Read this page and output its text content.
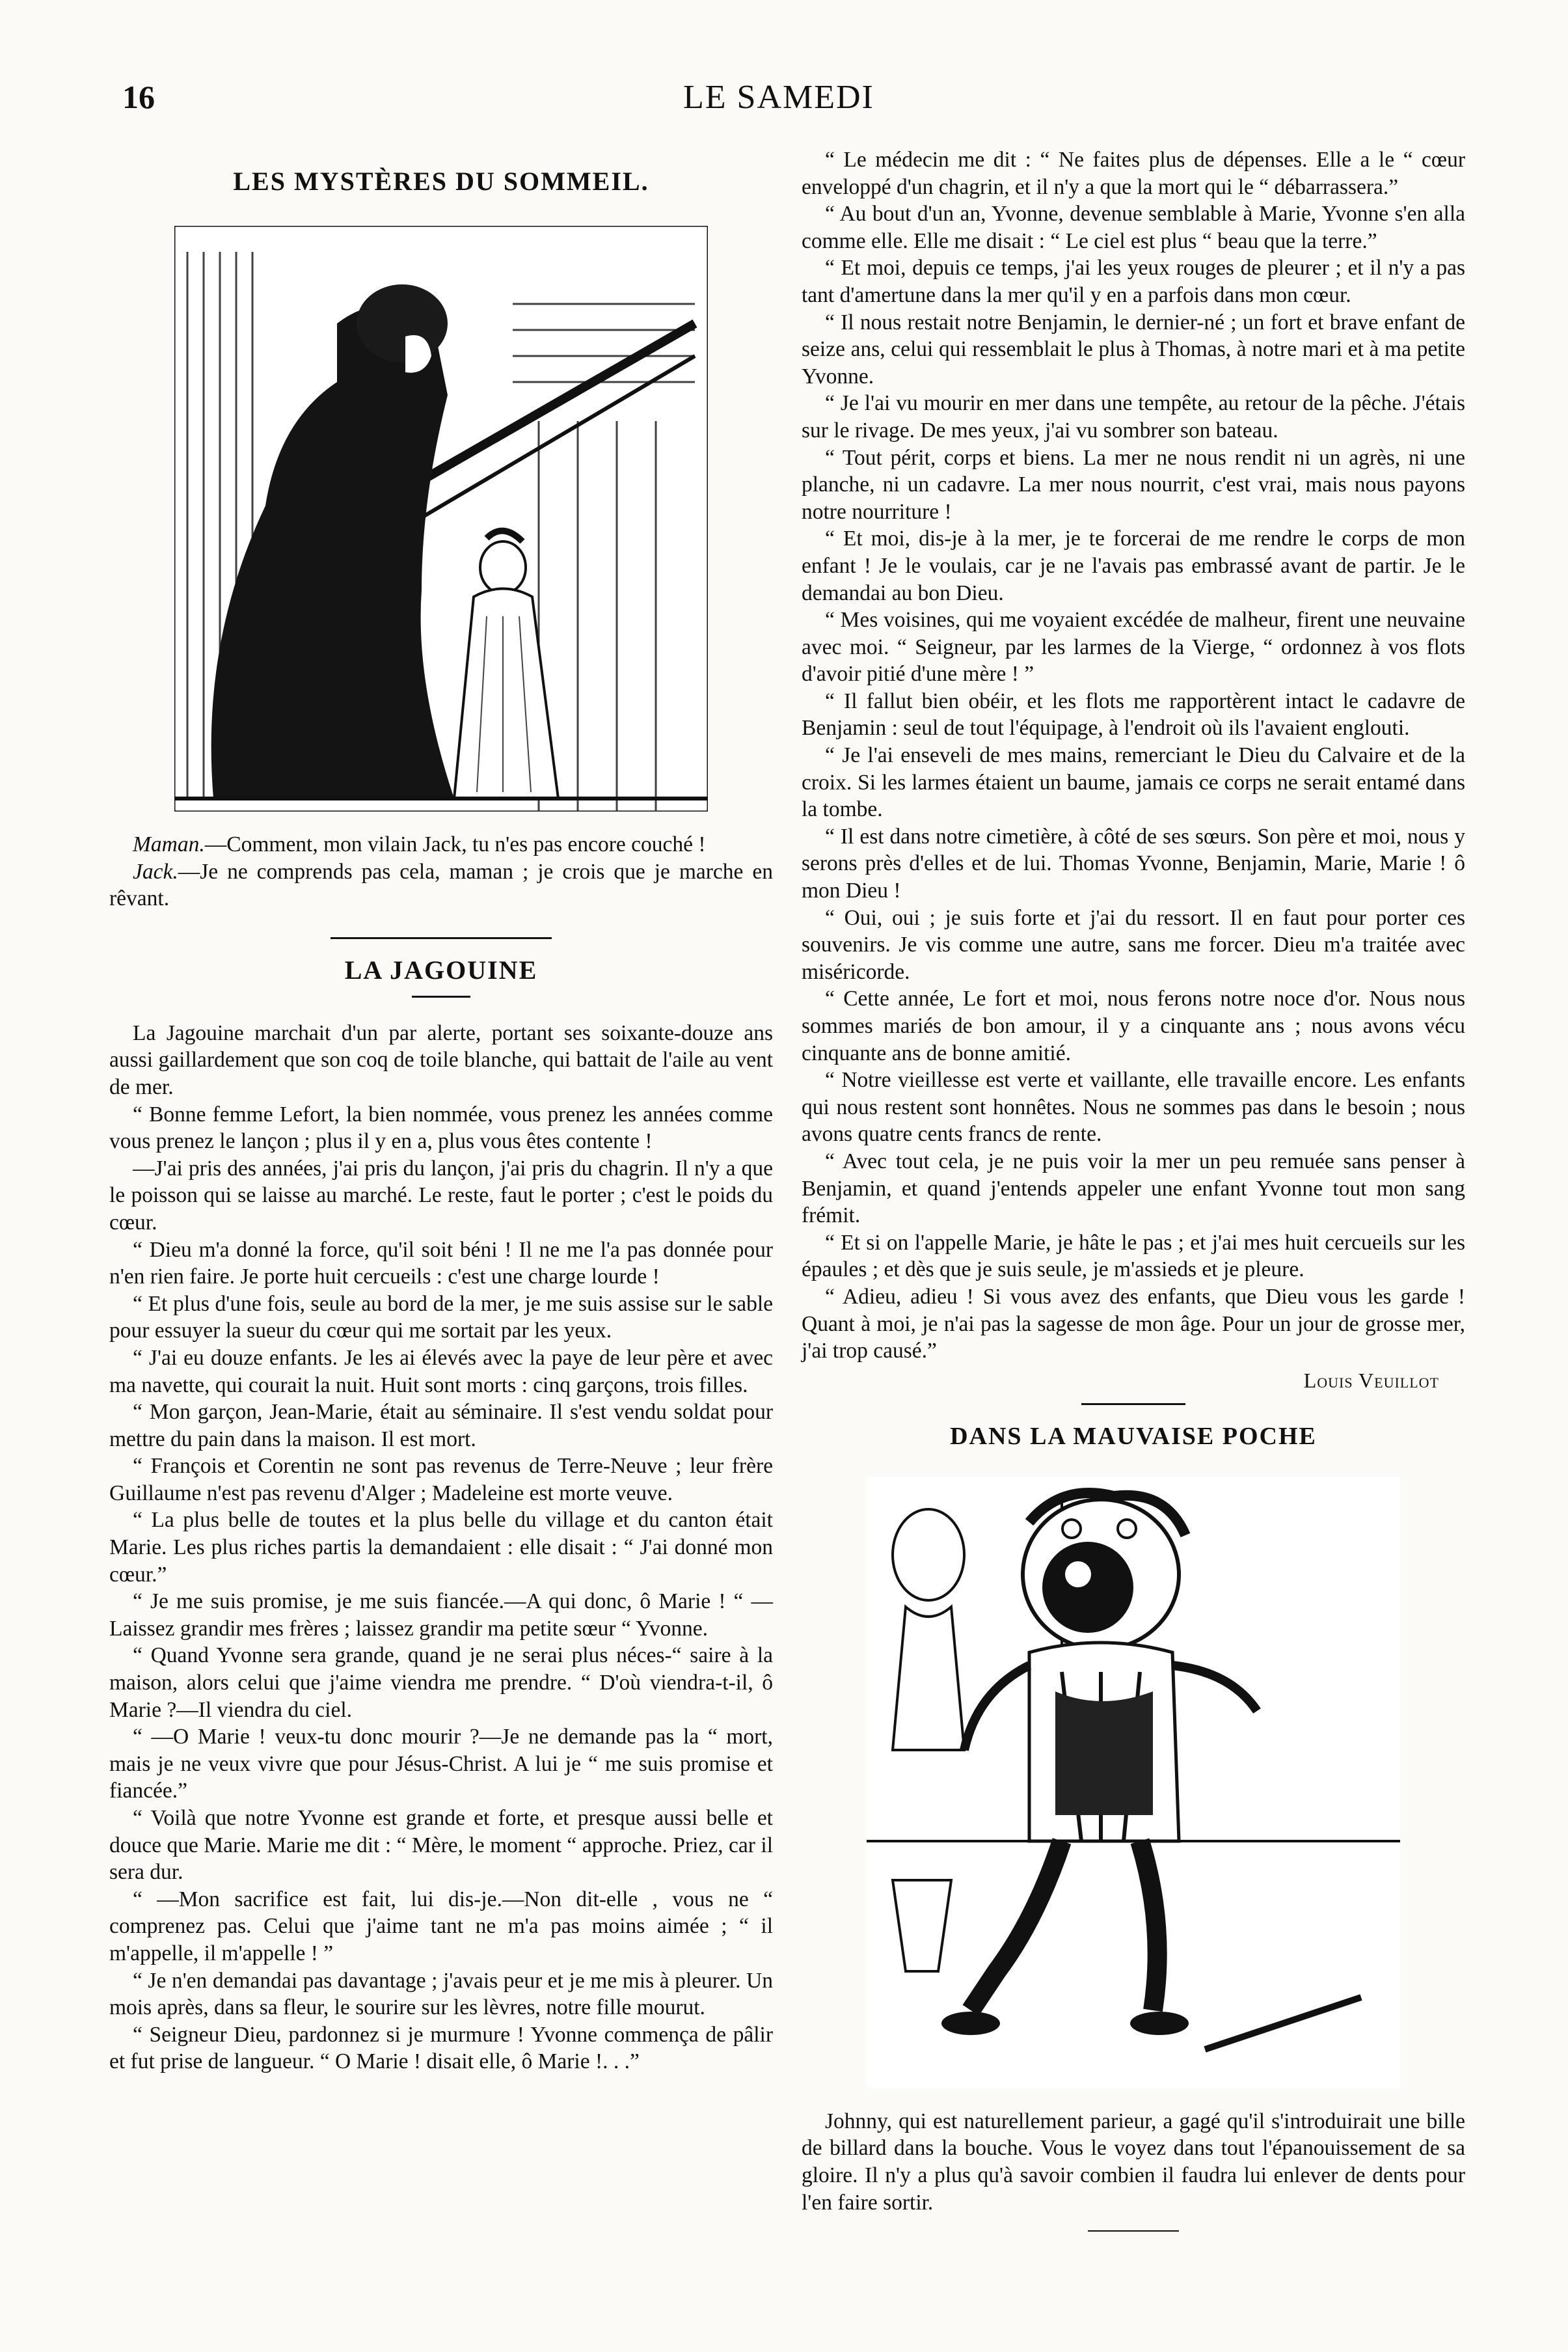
16	LE SAMEDI
LES MYSTÈRES DU SOMMEIL.

Maman.—Comment, mon vilain Jack, tu n'es pas encore couché !

Jack.—Je ne comprends pas cela, maman ; je crois que je marche en rêvant.

LA JAGOUINE

La Jagouine marchait d'un par alerte, portant ses soixante-douze ans aussi gaillardement que son coq de toile blanche, qui battait de l'aile au vent de mer.

“ Bonne femme Lefort, la bien nommée, vous prenez les années comme vous prenez le lançon ; plus il y en a, plus vous êtes contente !

—J'ai pris des années, j'ai pris du lançon, j'ai pris du chagrin. Il n'y a que le poisson qui se laisse au marché. Le reste, faut le porter ; c'est le poids du cœur.

“ Dieu m'a donné la force, qu'il soit béni ! Il ne me l'a pas donnée pour n'en rien faire. Je porte huit cercueils : c'est une charge lourde !

“ Et plus d'une fois, seule au bord de la mer, je me suis assise sur le sable pour essuyer la sueur du cœur qui me sortait par les yeux.

“ J'ai eu douze enfants. Je les ai élevés avec la paye de leur père et avec ma navette, qui courait la nuit. Huit sont morts : cinq garçons, trois filles.

“ Mon garçon, Jean-Marie, était au séminaire. Il s'est vendu soldat pour mettre du pain dans la maison. Il est mort.

“ François et Corentin ne sont pas revenus de Terre-Neuve ; leur frère Guillaume n'est pas revenu d'Alger ; Madeleine est morte veuve.

“ La plus belle de toutes et la plus belle du village et du canton était Marie. Les plus riches partis la demandaient : elle disait : “ J'ai donné mon cœur.”

“ Je me suis promise, je me suis fiancée.—A qui donc, ô Marie ! “ —Laissez grandir mes frères ; laissez grandir ma petite sœur “ Yvonne.

“ Quand Yvonne sera grande, quand je ne serai plus néces-“ saire à la maison, alors celui que j'aime viendra me prendre. “ D'où viendra-t-il, ô Marie ?—Il viendra du ciel.

“ —O Marie ! veux-tu donc mourir ?—Je ne demande pas la “ mort, mais je ne veux vivre que pour Jésus-Christ. A lui je “ me suis promise et fiancée.”

“ Voilà que notre Yvonne est grande et forte, et presque aussi belle et douce que Marie. Marie me dit : “ Mère, le moment “ approche. Priez, car il sera dur.

“ —Mon sacrifice est fait, lui dis-je.—Non dit-elle , vous ne “ comprenez pas. Celui que j'aime tant ne m'a pas moins aimée ; “ il m'appelle, il m'appelle ! ”

“ Je n'en demandai pas davantage ; j'avais peur et je me mis à pleurer. Un mois après, dans sa fleur, le sourire sur les lèvres, notre fille mourut.

“ Seigneur Dieu, pardonnez si je murmure ! Yvonne commença de pâlir et fut prise de langueur. “ O Marie ! disait elle, ô Marie !. . .”

“ Le médecin me dit : “ Ne faites plus de dépenses. Elle a le “ cœur enveloppé d'un chagrin, et il n'y a que la mort qui le “ débarrassera.”

“ Au bout d'un an, Yvonne, devenue semblable à Marie, Yvonne s'en alla comme elle. Elle me disait : “ Le ciel est plus “ beau que la terre.”

“ Et moi, depuis ce temps, j'ai les yeux rouges de pleurer ; et il n'y a pas tant d'amertune dans la mer qu'il y en a parfois dans mon cœur.

“ Il nous restait notre Benjamin, le dernier-né ; un fort et brave enfant de seize ans, celui qui ressemblait le plus à Thomas, à notre mari et à ma petite Yvonne.

“ Je l'ai vu mourir en mer dans une tempête, au retour de la pêche. J'étais sur le rivage. De mes yeux, j'ai vu sombrer son bateau.

“ Tout périt, corps et biens. La mer ne nous rendit ni un agrès, ni une planche, ni un cadavre. La mer nous nourrit, c'est vrai, mais nous payons notre nourriture !

“ Et moi, dis-je à la mer, je te forcerai de me rendre le corps de mon enfant ! Je le voulais, car je ne l'avais pas embrassé avant de partir. Je le demandai au bon Dieu.

“ Mes voisines, qui me voyaient excédée de malheur, firent une neuvaine avec moi. “ Seigneur, par les larmes de la Vierge, “ ordonnez à vos flots d'avoir pitié d'une mère ! ”

“ Il fallut bien obéir, et les flots me rapportèrent intact le cadavre de Benjamin : seul de tout l'équipage, à l'endroit où ils l'avaient englouti.

“ Je l'ai enseveli de mes mains, remerciant le Dieu du Calvaire et de la croix. Si les larmes étaient un baume, jamais ce corps ne serait entamé dans la tombe.

“ Il est dans notre cimetière, à côté de ses sœurs. Son père et moi, nous y serons près d'elles et de lui. Thomas Yvonne, Benjamin, Marie, Marie ! ô mon Dieu !

“ Oui, oui ; je suis forte et j'ai du ressort. Il en faut pour porter ces souvenirs. Je vis comme une autre, sans me forcer. Dieu m'a traitée avec miséricorde.

“ Cette année, Le fort et moi, nous ferons notre noce d'or. Nous nous sommes mariés de bon amour, il y a cinquante ans ; nous avons vécu cinquante ans de bonne amitié.

“ Notre vieillesse est verte et vaillante, elle travaille encore. Les enfants qui nous restent sont honnêtes. Nous ne sommes pas dans le besoin ; nous avons quatre cents francs de rente.

“ Avec tout cela, je ne puis voir la mer un peu remuée sans penser à Benjamin, et quand j'entends appeler une enfant Yvonne tout mon sang frémit.

“ Et si on l'appelle Marie, je hâte le pas ; et j'ai mes huit cercueils sur les épaules ; et dès que je suis seule, je m'assieds et je pleure.

“ Adieu, adieu ! Si vous avez des enfants, que Dieu vous les garde ! Quant à moi, je n'ai pas la sagesse de mon âge. Pour un jour de grosse mer, j'ai trop causé.”

Louis Veuillot
DANS LA MAUVAISE POCHE

Johnny, qui est naturellement parieur, a gagé qu'il s'introduirait une bille de billard dans la bouche. Vous le voyez dans tout l'épanouissement de sa gloire. Il n'y a plus qu'à savoir combien il faudra lui enlever de dents pour l'en faire sortir.
